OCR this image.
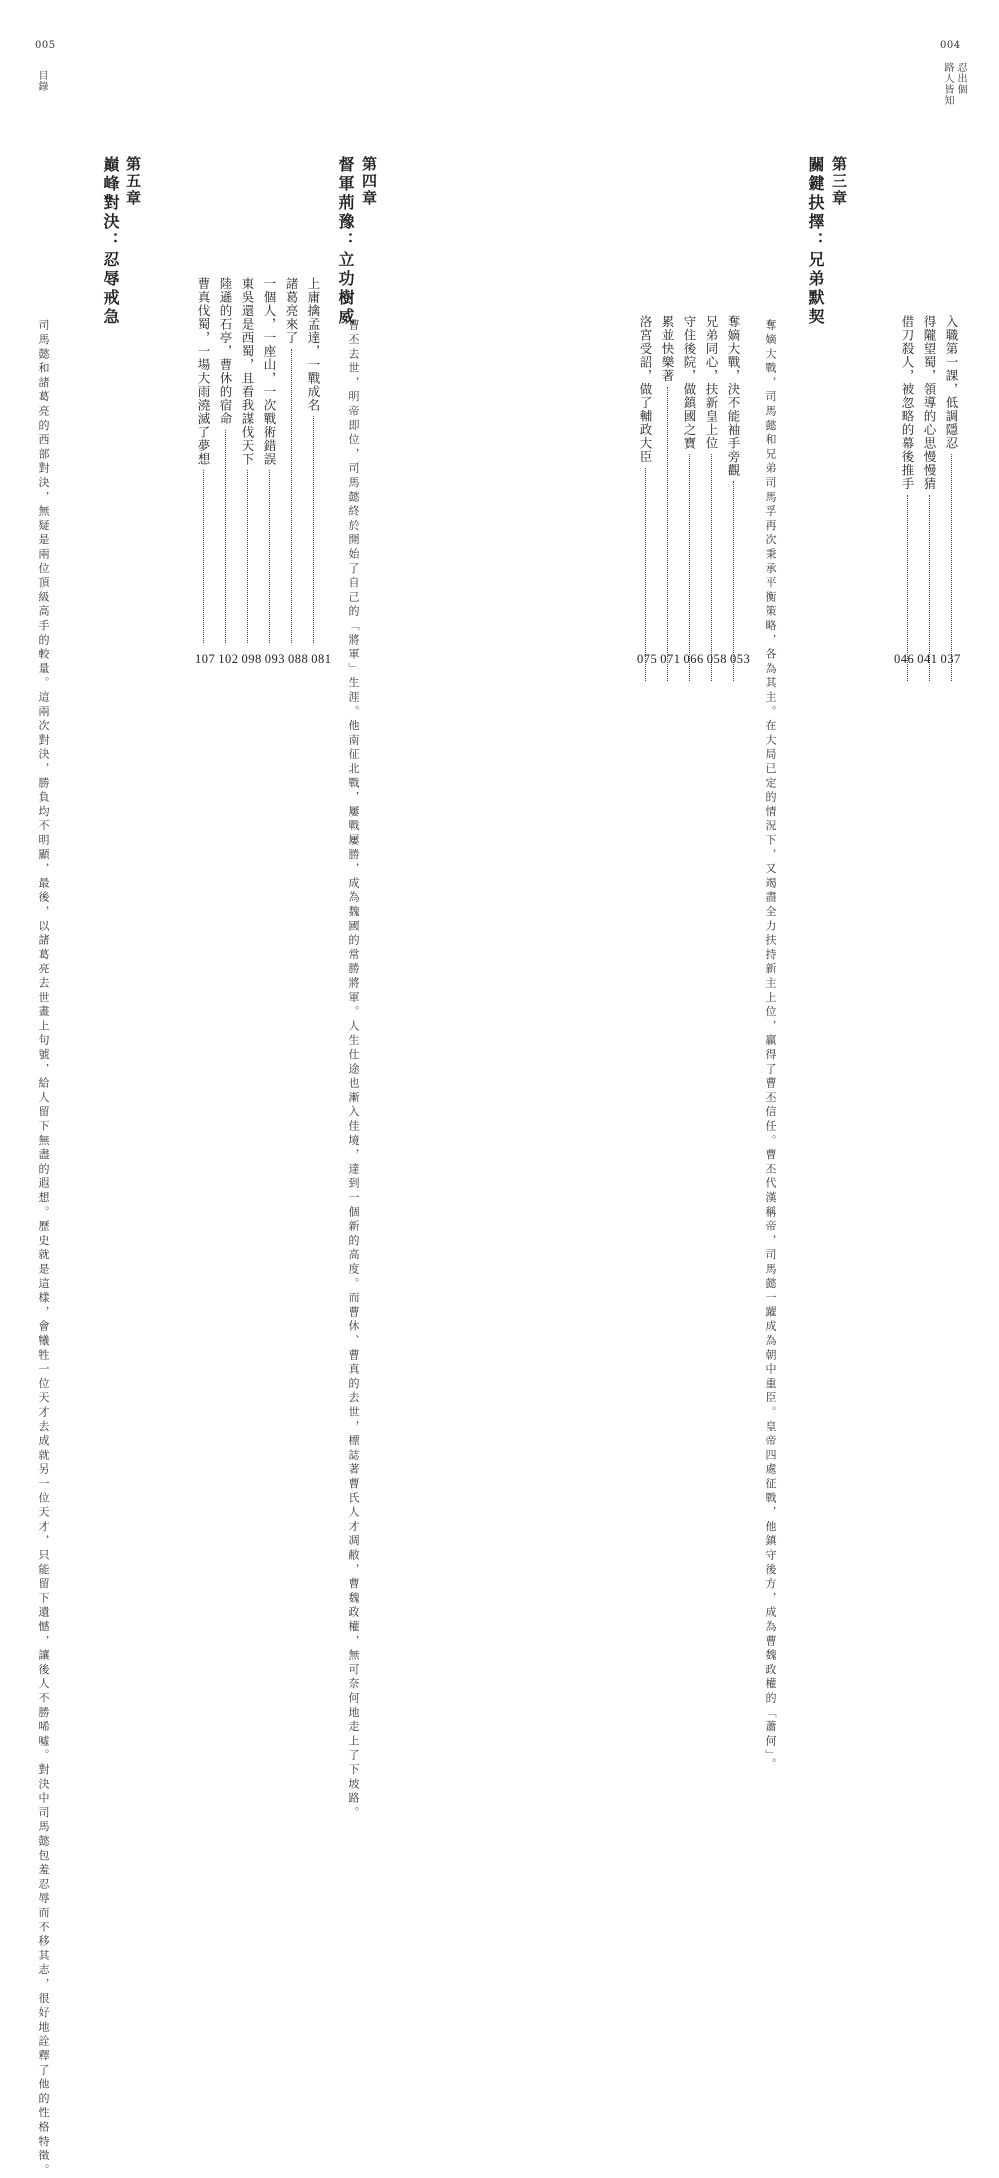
005
目錄
第五章
巔峰對決：忍辱戒急
司馬懿和諸葛亮的西部對決，無疑是兩位頂級高手的較量。這兩次對決，勝負均不明顯，最後，以諸葛亮去世畫上句號，給人留下無盡的遐想。歷史就是這樣，會犧牲一位天才去成就另一位天才，只能留下遺憾，讓後人不勝唏噓。對決中司馬懿包羞忍辱而不移其志，很好地詮釋了他的性格特徵。
第四章
督軍荊豫：立功樹威
曹丕去世，明帝即位，司馬懿終於開始了自己的「將軍」生涯。他南征北戰，屢戰屢勝，成為魏國的常勝將軍。人生仕途也漸入佳境，達到一個新的高度。而曹休、曹真的去世，標誌著曹氏人才凋敝，曹魏政權，無可奈何地走上了下坡路。
上庸擒孟達，一戰成名
諸葛亮來了
一個人，一座山，一次戰術錯誤
東吳還是西蜀，且看我謀伐天下
陸遜的石亭，曹休的宿命
曹真伐蜀，一場大雨澆滅了夢想
107 102 098 093 088 081
004
忍出個
路人皆知
入職第一課，低調隱忍
得隴望蜀，領導的心思慢慢猜
借刀殺人，被忽略的幕後推手
046 041 037
第三章
關鍵抉擇：兄弟默契
奪嫡大戰，司馬懿和兄弟司馬孚再次秉承平衡策略，各為其主。在大局已定的情況下，又竭盡全力扶持新主上位，贏得了曹丕信任。曹丕代漢稱帝，司馬懿一躍成為朝中重臣。皇帝四處征戰，他鎮守後方，成為曹魏政權的「蕭何」。
奪嫡大戰，決不能袖手旁觀
兄弟同心，扶新皇上位
守住後院，做鎮國之寶
累並快樂著
洛宮受詔，做了輔政大臣
075 071 066 058 053
